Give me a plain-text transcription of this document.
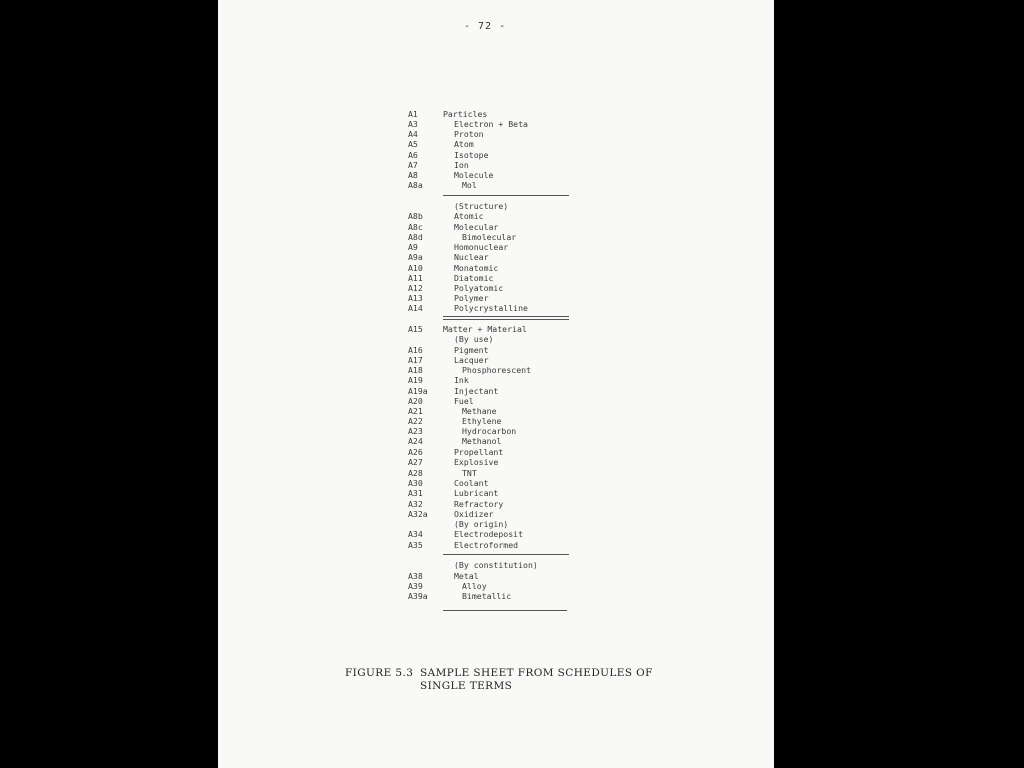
- 72 -
A1	Particles
A3	Electron + Beta
A4	Proton
A5	Atom
A6	Isotope
A7	Ion
A8	Molecule
A8a	Mol
(Structure)
A8b	Atomic
A8c	Molecular
A8d	Bimolecular
A9	Homonuclear
A9a	Nuclear
A10	Monatomic
A11	Diatomic
A12	Polyatomic
A13	Polymer
A14	Polycrystalline
A15 Matter + Material
(By use)
A16	Pigment
A17	Lacquer
A18	Phosphorescent
A19	Ink
A19a	Injectant
A20	Fuel
A21	Methane
A22	Ethylene
A23	Hydrocarbon
A24	Methanol
A26	Propellant
A27	Explosive
A28	TNT
A30	Coolant
A31	Lubricant
A32	Refractory
A32a	Oxidizer
(By origin)
A34	Electrodeposit
A35	Electroformed
(By constitution)
A38	Metal
A39	Alloy
A39a	Bimetallic
FIGURE 5.3 SAMPLE SHEET FROM SCHEDULES OF
SINGLE TERMS
